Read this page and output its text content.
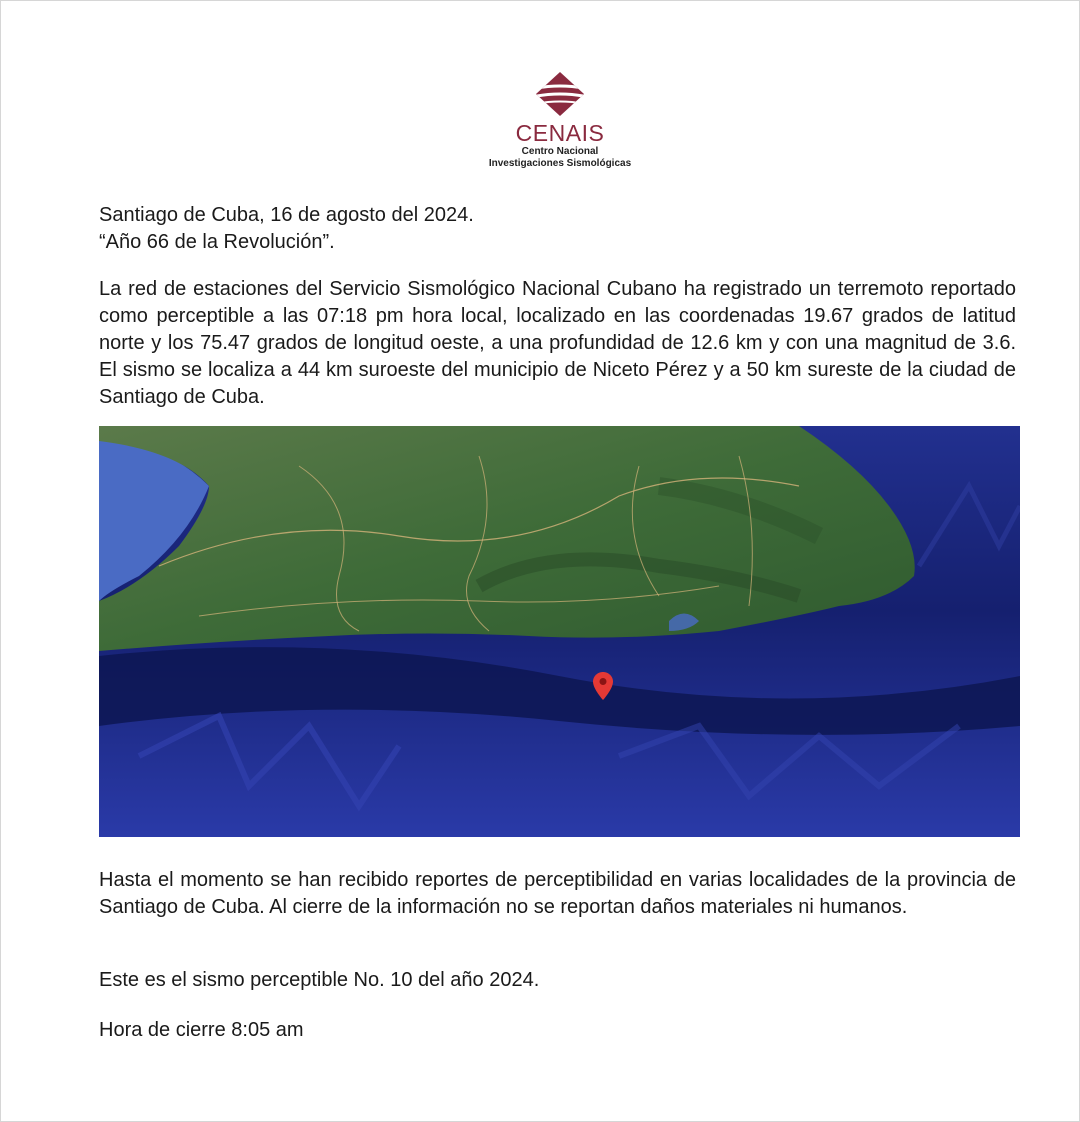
CENAIS
Centro Nacional
Investigaciones Sismológicas
Santiago de Cuba, 16 de agosto del 2024.
“Año 66 de la Revolución”.
La red de estaciones del Servicio Sismológico Nacional Cubano ha registrado un terremoto reportado como perceptible a las 07:18 pm hora local, localizado en las coordenadas 19.67 grados de latitud norte y los 75.47 grados de longitud oeste, a una profundidad de 12.6 km y con una magnitud de 3.6. El sismo se localiza a 44 km suroeste del municipio de Niceto Pérez y a 50 km sureste de la ciudad de Santiago de Cuba.
Hasta el momento se han recibido reportes de perceptibilidad en varias localidades de la provincia de Santiago de Cuba. Al cierre de la información no se reportan daños materiales ni humanos.
Este es el sismo perceptible No. 10 del año 2024.
Hora de cierre 8:05 am
